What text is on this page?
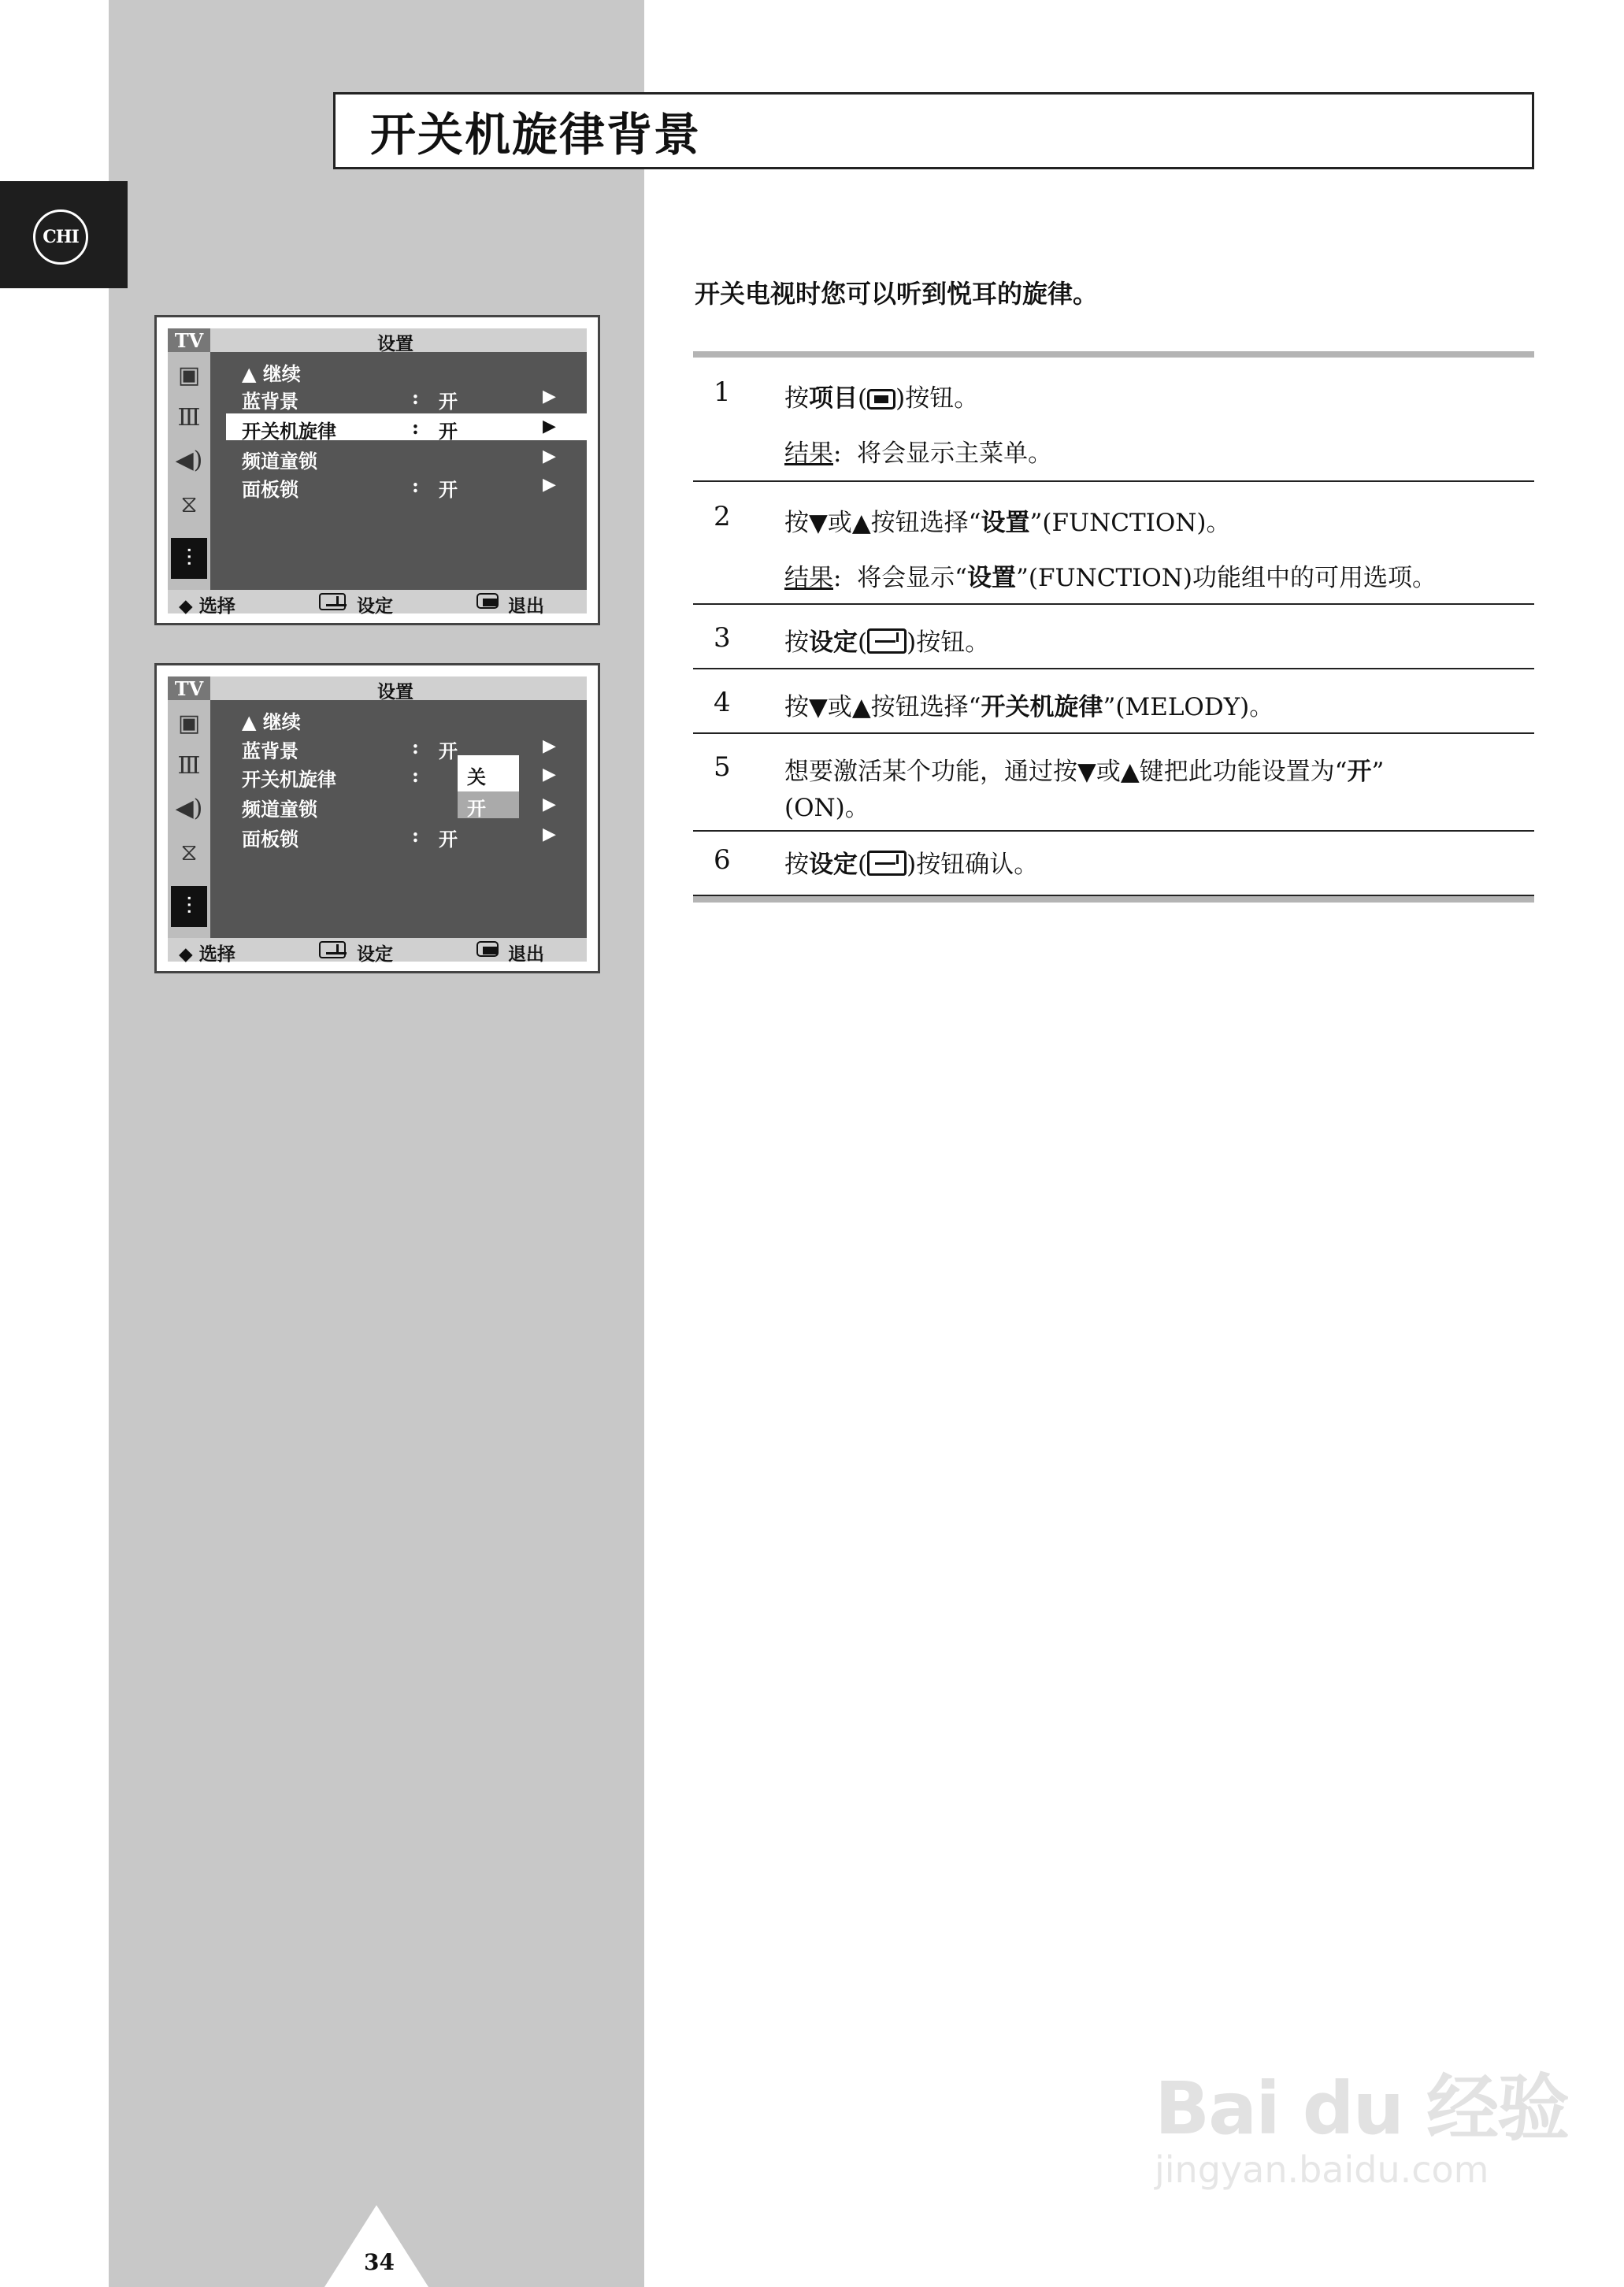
CHI
开关机旋律背景
开关电视时您可以听到悦耳的旋律。
1 按项目( )按钮。
结果:  将会显示主菜单。
2 按▼或▲按钮选择“设置”(FUNCTION)。
结果:  将会显示“设置”(FUNCTION)功能组中的可用选项。
3 按设定( )按钮。
4 按▼或▲按钮选择“开关机旋律”(MELODY)。
5 想要激活某个功能，通过按▼或▲键把此功能设置为“开”
(ON)。
6 按设定( )按钮确认。
TV	设置
▣
Ⅲ
◀)
⧖
⫶
▲ 继续
蓝背景	: 开	▶
开关机旋律	: 开	▶
频道童锁	▶
面板锁	: 开	▶
◆ 选择	设定	退出
TV	设置
▣
Ⅲ
◀)
⧖
⫶
▲ 继续
蓝背景	: 开	▶
开关机旋律	:	▶
频道童锁	▶
面板锁	: 开	▶
关
开
◆ 选择	设定	退出
34
Bai du 经验
jingyan.baidu.com
